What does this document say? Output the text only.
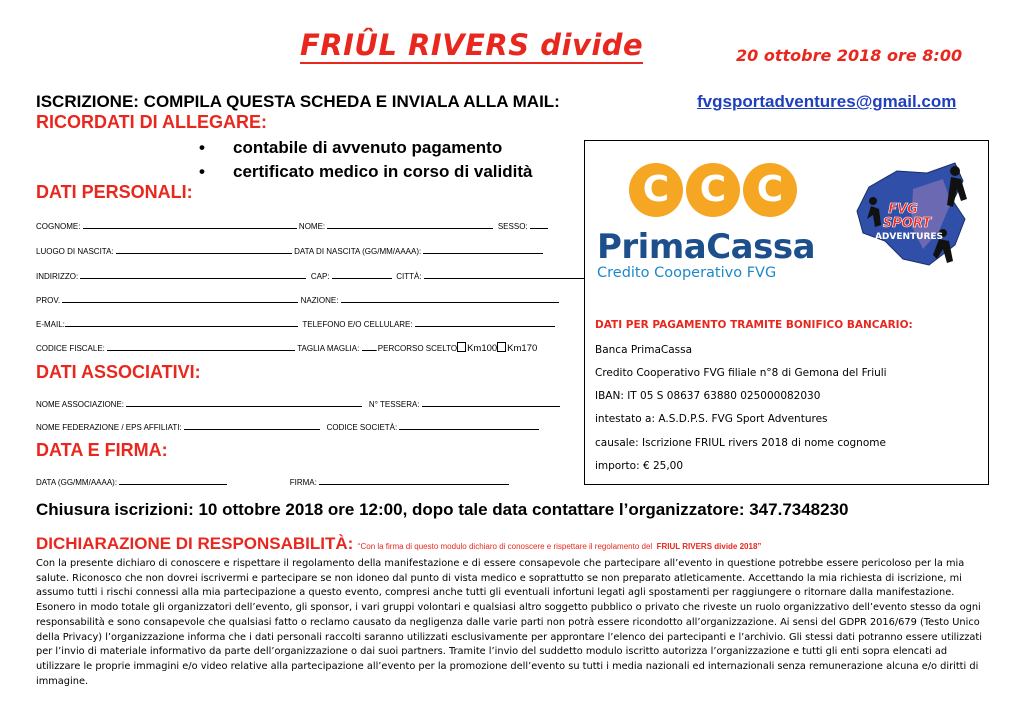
FRIÛL RIVERS divide	20 ottobre 2018 ore 8:00
ISCRIZIONE: COMPILA QUESTA SCHEDA E INVIALA ALLA MAIL:	fvgsportadventures@gmail.com
RICORDATI DI ALLEGARE:
• contabile di avvenuto pagamento
• certificato medico in corso di validità
DATI PERSONALI:
COGNOME:	NOME:	SESSO:
LUOGO DI NASCITA:	DATA DI NASCITA (GG/MM/AAAA):
INDIRIZZO:	CAP:	CITTÀ:
PROV.	NAZIONE:
E-MAIL:	TELEFONO E/O CELLULARE:
CODICE FISCALE:	TAGLIA MAGLIA: .PERCORSO SCELTO Km100 Km170
DATI ASSOCIATIVI:
NOME ASSOCIAZIONE:	N° TESSERA:
NOME FEDERAZIONE / EPS AFFILIATI:	CODICE SOCIETÀ:
DATA E FIRMA:
DATA (GG/MM/AAAA):	FIRMA:
C C C
PrimaCassa
Credito Cooperativo FVG
FVG
SPORT
ADVENTURES
DATI PER PAGAMENTO TRAMITE BONIFICO BANCARIO:
Banca PrimaCassa
Credito Cooperativo FVG filiale n°8 di Gemona del Friuli
IBAN: IT 05 S 08637 63880 025000082030
intestato a: A.S.D.P.S. FVG Sport Adventures
causale: Iscrizione FRIUL rivers 2018 di nome cognome
importo: € 25,00
Chiusura iscrizioni: 10 ottobre 2018 ore 12:00, dopo tale data contattare l’organizzatore: 347.7348230
DICHIARAZIONE DI RESPONSABILITÀ: “Con la firma di questo modulo dichiaro di conoscere e rispettare il regolamento del FRIUL RIVERS divide 2018”
Con la presente dichiaro di conoscere e rispettare il regolamento della manifestazione e di essere consapevole che partecipare all’evento in questione potrebbe essere pericoloso per la mia salute. Riconosco che non dovrei iscrivermi e partecipare se non idoneo dal punto di vista medico e soprattutto se non preparato atleticamente. Accettando la mia richiesta di iscrizione, mi assumo tutti i rischi connessi alla mia partecipazione a questo evento, compresi anche tutti gli eventuali infortuni legati agli spostamenti per raggiungere o ritornare dalla manifestazione. Esonero in modo totale gli organizzatori dell’evento, gli sponsor, i vari gruppi volontari e qualsiasi altro soggetto pubblico o privato che riveste un ruolo organizzativo dell’evento stesso da ogni responsabilità e sono consapevole che qualsiasi fatto o reclamo causato da negligenza dalle varie parti non potrà essere ricondotto all’organizzazione. Ai sensi del GDPR 2016/679 (Testo Unico della Privacy) l’organizzazione informa che i dati personali raccolti saranno utilizzati esclusivamente per approntare l’elenco dei partecipanti e l’archivio. Gli stessi dati potranno essere utilizzati per l’invio di materiale informativo da parte dell’organizzazione o dai suoi partners. Tramite l’invio del suddetto modulo iscritto autorizza l’organizzazione e tutti gli enti sopra elencati ad utilizzare le proprie immagini e/o video relative alla partecipazione all’evento per la promozione dell’evento su tutti i media nazionali ed internazionali senza remunerazione alcuna e/o diritti di immagine.
